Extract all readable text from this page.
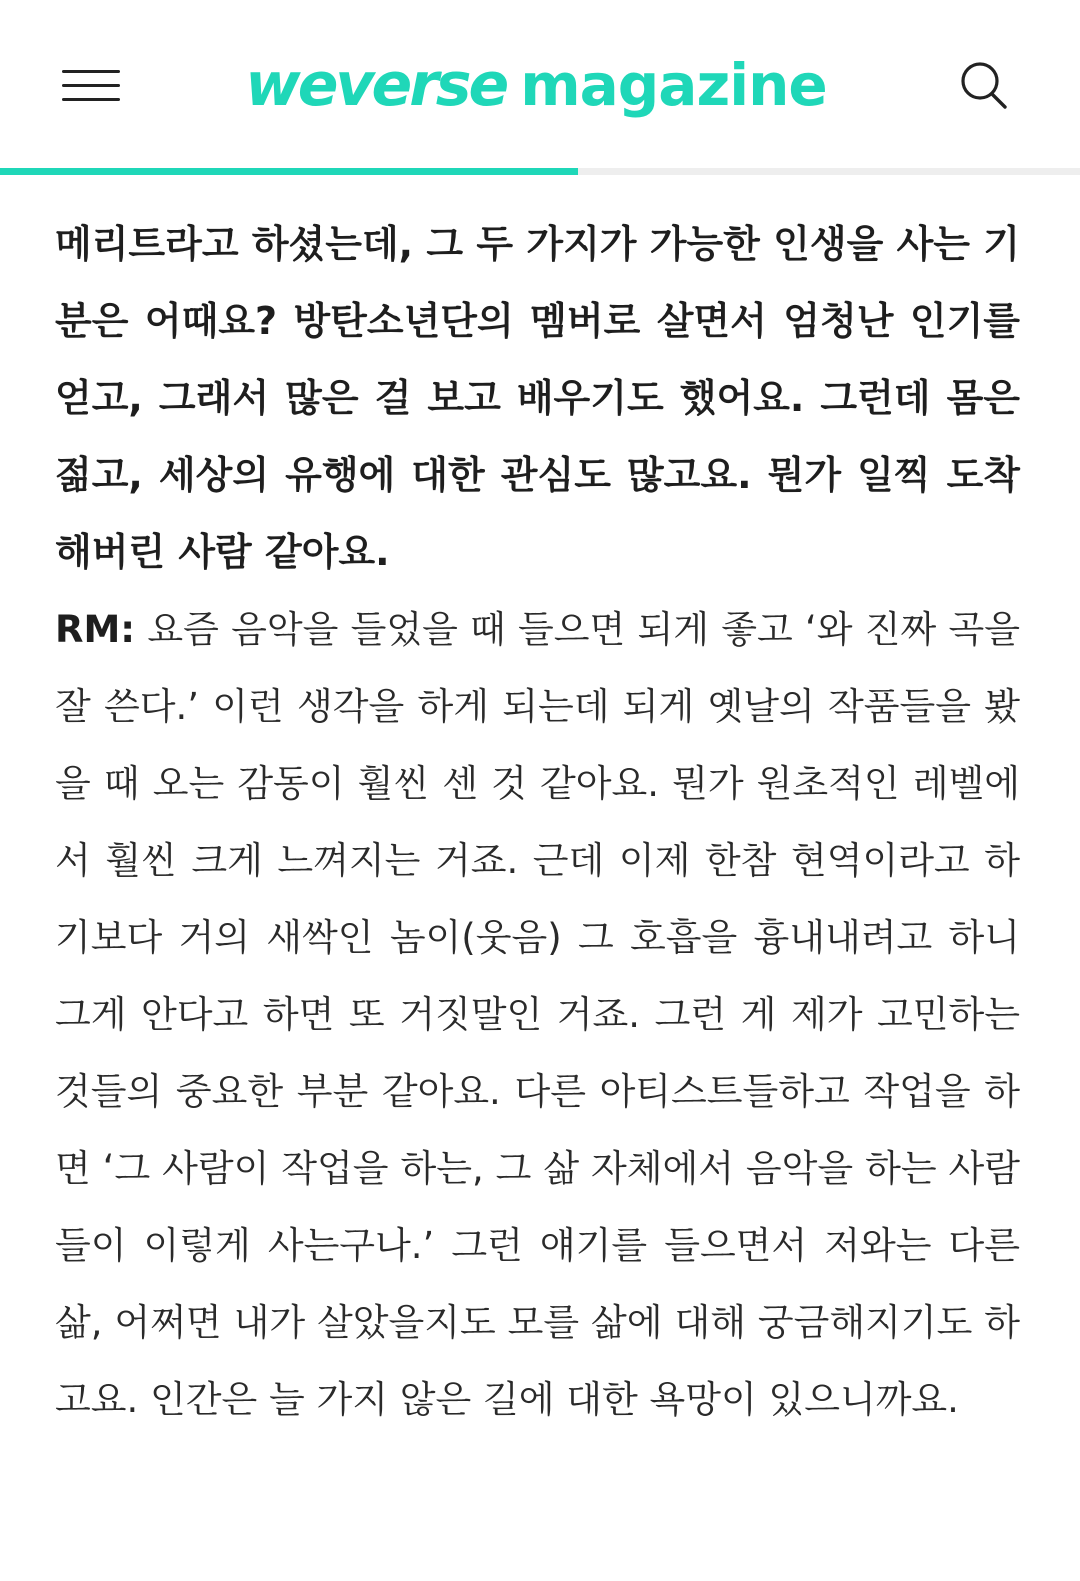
weverse magazine

메리트라고 하셨는데, 그 두 가지가 가능한 인생을 사는 기분은 어때요? 방탄소년단의 멤버로 살면서 엄청난 인기를 얻고, 그래서 많은 걸 보고 배우기도 했어요. 그런데 몸은 젊고, 세상의 유행에 대한 관심도 많고요. 뭔가 일찍 도착해버린 사람 같아요.

RM: 요즘 음악을 들었을 때 들으면 되게 좋고 ‘와 진짜 곡을 잘 쓴다.’ 이런 생각을 하게 되는데 되게 옛날의 작품들을 봤을 때 오는 감동이 훨씬 센 것 같아요. 뭔가 원초적인 레벨에서 훨씬 크게 느껴지는 거죠. 근데 이제 한참 현역이라고 하기보다 거의 새싹인 놈이(웃음) 그 호흡을 흉내내려고 하니 그게 안다고 하면 또 거짓말인 거죠. 그런 게 제가 고민하는 것들의 중요한 부분 같아요. 다른 아티스트들하고 작업을 하면 ‘그 사람이 작업을 하는, 그 삶 자체에서 음악을 하는 사람들이 이렇게 사는구나.’ 그런 얘기를 들으면서 저와는 다른 삶, 어쩌면 내가 살았을지도 모를 삶에 대해 궁금해지기도 하고요. 인간은 늘 가지 않은 길에 대한 욕망이 있으니까요.
